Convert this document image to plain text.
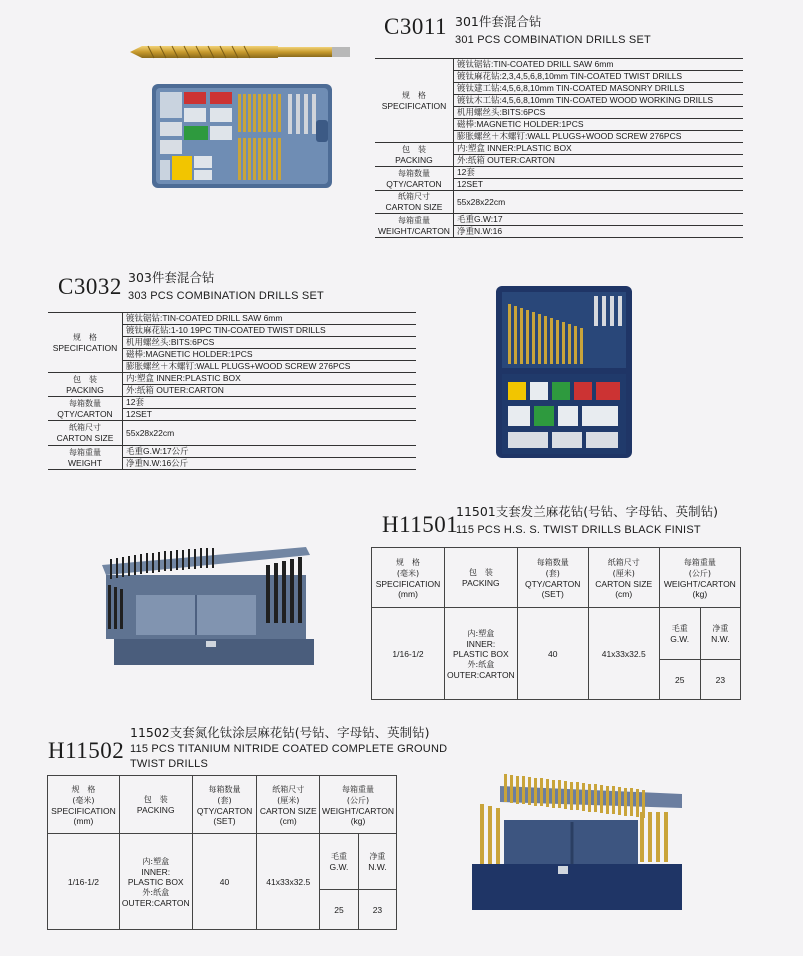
C3011 301件套混合钻
301 PCS COMBINATION DRILLS SET
规　格
SPECIFICATION	镀钛锯钻:TIN-COATED DRILL SAW 6mm
	镀钛麻花钻:2,3,4,5,6,8,10mm TIN-COATED TWIST DRILLS
	镀钛建工钻:4,5,6,8,10mm TIN-COATED MASONRY DRILLS
	镀钛木工钻:4,5,6,8,10mm TIN-COATED WOOD WORKING DRILLS
	机用螺丝头:BITS:6PCS
	磁棒:MAGNETIC HOLDER:1PCS
	膨胀螺丝＋木螺钉:WALL PLUGS+WOOD SCREW 276PCS

包　装
PACKING	内:塑盒 INNER:PLASTIC BOX
	外:纸箱 OUTER:CARTON

每箱数量
QTY/CARTON	12套
	12SET

纸箱尺寸
CARTON SIZE	55x28x22cm

每箱重量
WEIGHT/CARTON	毛重G.W:17
	净重N.W:16
C3032 303件套混合钻
303 PCS COMBINATION DRILLS SET
规　格
SPECIFICATION	镀钛锯钻:TIN-COATED DRILL SAW 6mm
	镀钛麻花钻:1-10 19PC TIN-COATED TWIST DRILLS
	机用螺丝头:BITS:6PCS
	磁棒:MAGNETIC HOLDER:1PCS
	膨胀螺丝＋木螺钉:WALL PLUGS+WOOD SCREW 276PCS

包　装
PACKING	内:塑盒 INNER:PLASTIC BOX
	外:纸箱 OUTER:CARTON

每箱数量
QTY/CARTON	12套
	12SET

纸箱尺寸
CARTON SIZE	55x28x22cm

每箱重量
WEIGHT	毛重G.W:17公斤
	净重N.W:16公斤
H11501
11501支套发兰麻花钻(号钻、字母钻、英制钻)
115 PCS H.S. S. TWIST DRILLS BLACK FINIST
规　格
(毫米)
SPECIFICATION
(mm)	包　装
PACKING	每箱数量
(套)
QTY/CARTON
(SET)	纸箱尺寸
(厘米)
CARTON SIZE
(cm)	每箱重量
(公斤)
WEIGHT/CARTON
(kg)	

1/16-1/2	内:塑盒
INNER:
PLASTIC BOX
外:纸盒
OUTER:CARTON	40	41x33x32.5	毛重
G.W.	净重
N.W.

				25	23
11502支套氮化钛涂层麻花钻(号钻、字母钻、英制钻)
H11502 115 PCS TITANIUM NITRIDE COATED COMPLETE GROUND
TWIST DRILLS
规　格
(毫米)
SPECIFICATION
(mm)	包　装
PACKING	每箱数量
(套)
QTY/CARTON
(SET)	纸箱尺寸
(厘米)
CARTON SIZE
(cm)	每箱重量
(公斤)
WEIGHT/CARTON
(kg)	

1/16-1/2	内:塑盒
INNER:
PLASTIC BOX
外:纸盒
OUTER:CARTON	40	41x33x32.5	毛重
G.W.	净重
N.W.

				25	23
